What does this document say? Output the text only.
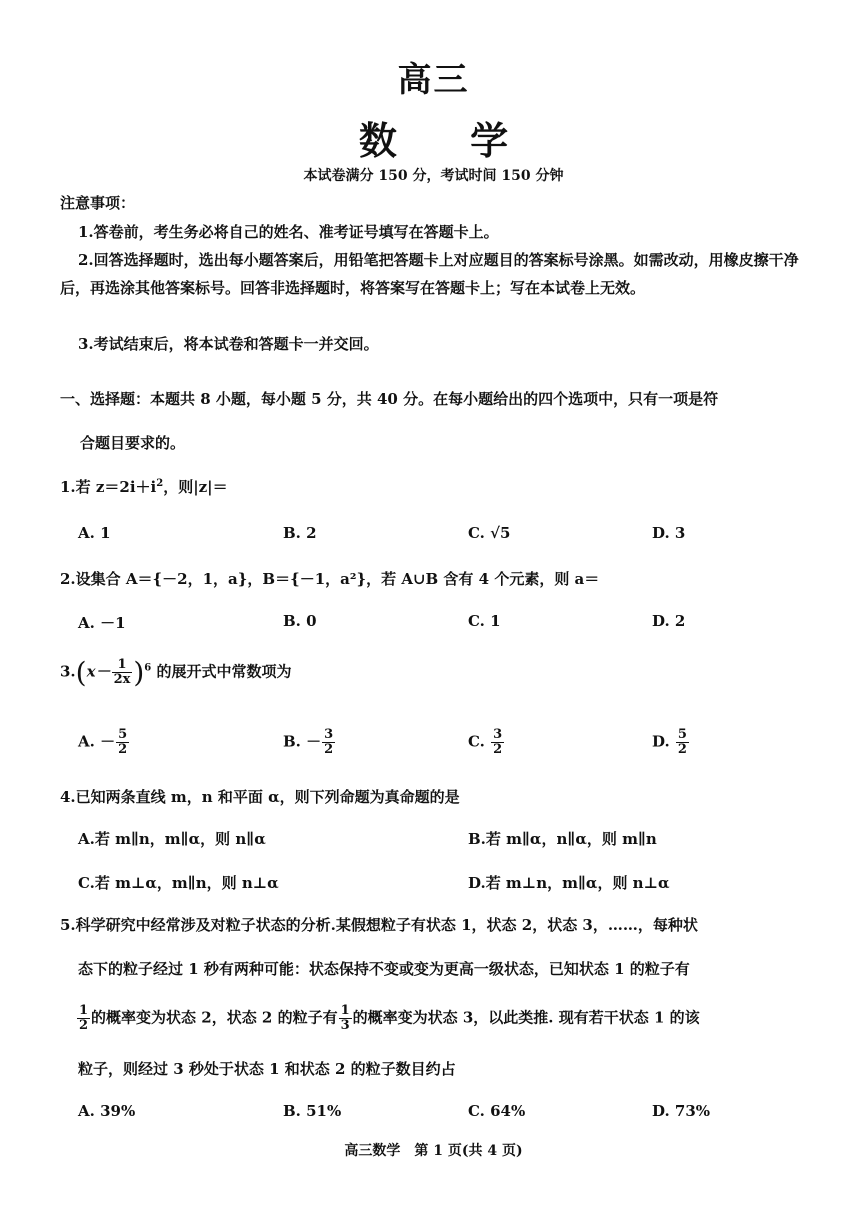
高三
数 学
本试卷满分 150 分，考试时间 150 分钟
注意事项：
1.答卷前，考生务必将自己的姓名、准考证号填写在答题卡上。
2.回答选择题时，选出每小题答案后，用铅笔把答题卡上对应题目的答案标号涂黑。如需改动，用橡皮擦干净后，再选涂其他答案标号。回答非选择题时，将答案写在答题卡上；写在本试卷上无效。
3.考试结束后，将本试卷和答题卡一并交回。
一、选择题：本题共 8 小题，每小题 5 分，共 40 分。在每小题给出的四个选项中，只有一项是符
合题目要求的。
1.若 $z=2i+i^2$，则|z|＝
A. 1	B. 2	C. √5	D. 3
2.设集合 A＝{－2，1，a}，B＝{－1，a²}，若 A∪B 含有 4 个元素，则 a＝
A. －1	B. 0	C. 1	D. 2
$3.(x- \frac{1}{2x} )^6$ 的展开式中常数项为
A. － $\frac{5}{2}$	B. － $\frac{3}{2}$	C. $\frac{3}{2}$	D. $\frac{5}{2}$
4.已知两条直线 m，n 和平面 α，则下列命题为真命题的是
A.若 m∥n，m∥α，则 n∥α	B.若 m∥α，n∥α，则 m∥n
C.若 m⊥α，m∥n，则 n⊥α	D.若 m⊥n，m∥α，则 n⊥α
5.科学研究中经常涉及对粒子状态的分析.某假想粒子有状态 1，状态 2，状态 3，……，每种状
态下的粒子经过 1 秒有两种可能：状态保持不变或变为更高一级状态，已知状态 1 的粒子有
$\frac{1}{2}$ 的概率变为状态 2，状态 2 的粒子有 $\frac{1}{3}$ 的概率变为状态 3，以此类推. 现有若干状态 1 的该
粒子，则经过 3 秒处于状态 1 和状态 2 的粒子数目约占
A. 39%	B. 51%	C. 64%	D. 73%
高三数学　第 1 页(共 4 页)
